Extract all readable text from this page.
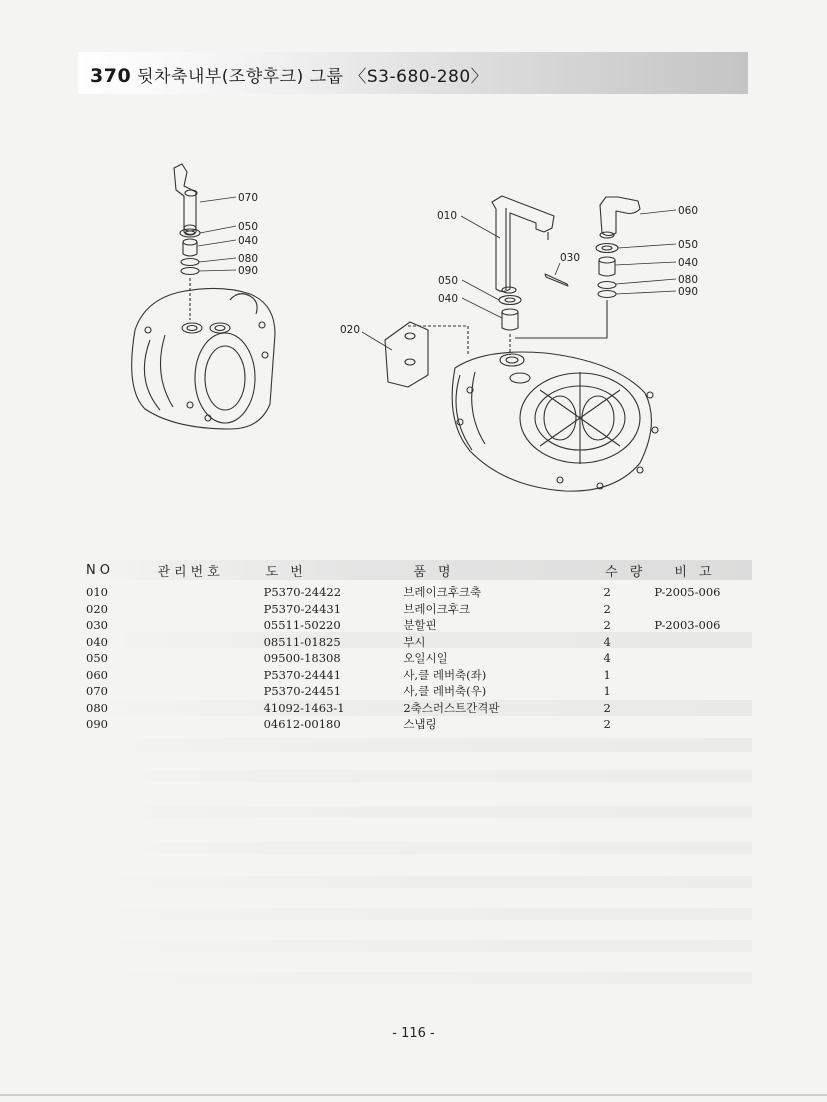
370 뒷차축내부(조향후크) 그룹 〈S3-680-280〉
070
050
040
080
090
010
030
050
040
020
060
050
040
080
090
NO	관리번호	도 번	품 명	수 량	비 고
010		P5370-24422	브레이크후크축	2	P-2005-006
020		P5370-24431	브레이크후크	2	
030		05511-50220	분할핀	2	P-2003-006
040		08511-01825	부시	4	
050		09500-18308	오일시일	4	
060		P5370-24441	사,클 레버축(좌)	1	
070		P5370-24451	사,클 레버축(우)	1	
080		41092-1463-1	2축스러스트간격판	2	
090		04612-00180	스냅링	2	
- 116 -
